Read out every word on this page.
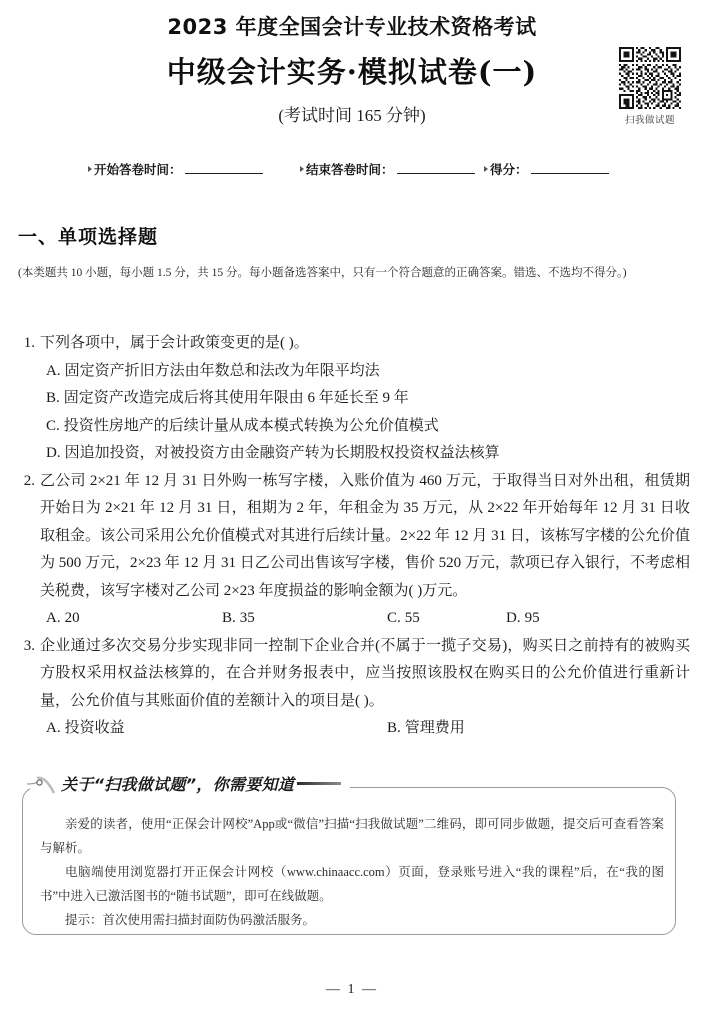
2023 年度全国会计专业技术资格考试
中级会计实务·模拟试卷(一)
(考试时间 165 分钟)	扫我做试题
开始答卷时间：	结束答卷时间：	得分：
一、单项选择题
(本类题共 10 小题，每小题 1.5 分，共 15 分。每小题备选答案中，只有一个符合题意的正确答案。错选、不选均不得分。)
1. 下列各项中，属于会计政策变更的是( )。
A. 固定资产折旧方法由年数总和法改为年限平均法
B. 固定资产改造完成后将其使用年限由 6 年延长至 9 年
C. 投资性房地产的后续计量从成本模式转换为公允价值模式
D. 因追加投资，对被投资方由金融资产转为长期股权投资权益法核算
2. 乙公司 2×21 年 12 月 31 日外购一栋写字楼，入账价值为 460 万元，于取得当日对外出租，租赁期开始日为 2×21 年 12 月 31 日，租期为 2 年，年租金为 35 万元，从 2×22 年开始每年 12 月 31 日收取租金。该公司采用公允价值模式对其进行后续计量。2×22 年 12 月 31 日，该栋写字楼的公允价值为 500 万元，2×23 年 12 月 31 日乙公司出售该写字楼，售价 520 万元，款项已存入银行，不考虑相关税费，该写字楼对乙公司 2×23 年度损益的影响金额为( )万元。
A. 20	B. 35	C. 55	D. 95
3. 企业通过多次交易分步实现非同一控制下企业合并(不属于一揽子交易)，购买日之前持有的被购买方股权采用权益法核算的，在合并财务报表中，应当按照该股权在购买日的公允价值进行重新计量，公允价值与其账面价值的差额计入的项目是( )。
A. 投资收益	B. 管理费用
关于“扫我做试题”，你需要知道
亲爱的读者，使用“正保会计网校”App或“微信”扫描“扫我做试题”二维码，即可同步做题，提交后可查看答案与解析。
电脑端使用浏览器打开正保会计网校（www.chinaacc.com）页面，登录账号进入“我的课程”后，在“我的图书”中进入已激活图书的“随书试题”，即可在线做题。
提示：首次使用需扫描封面防伪码激活服务。
— 1 —
